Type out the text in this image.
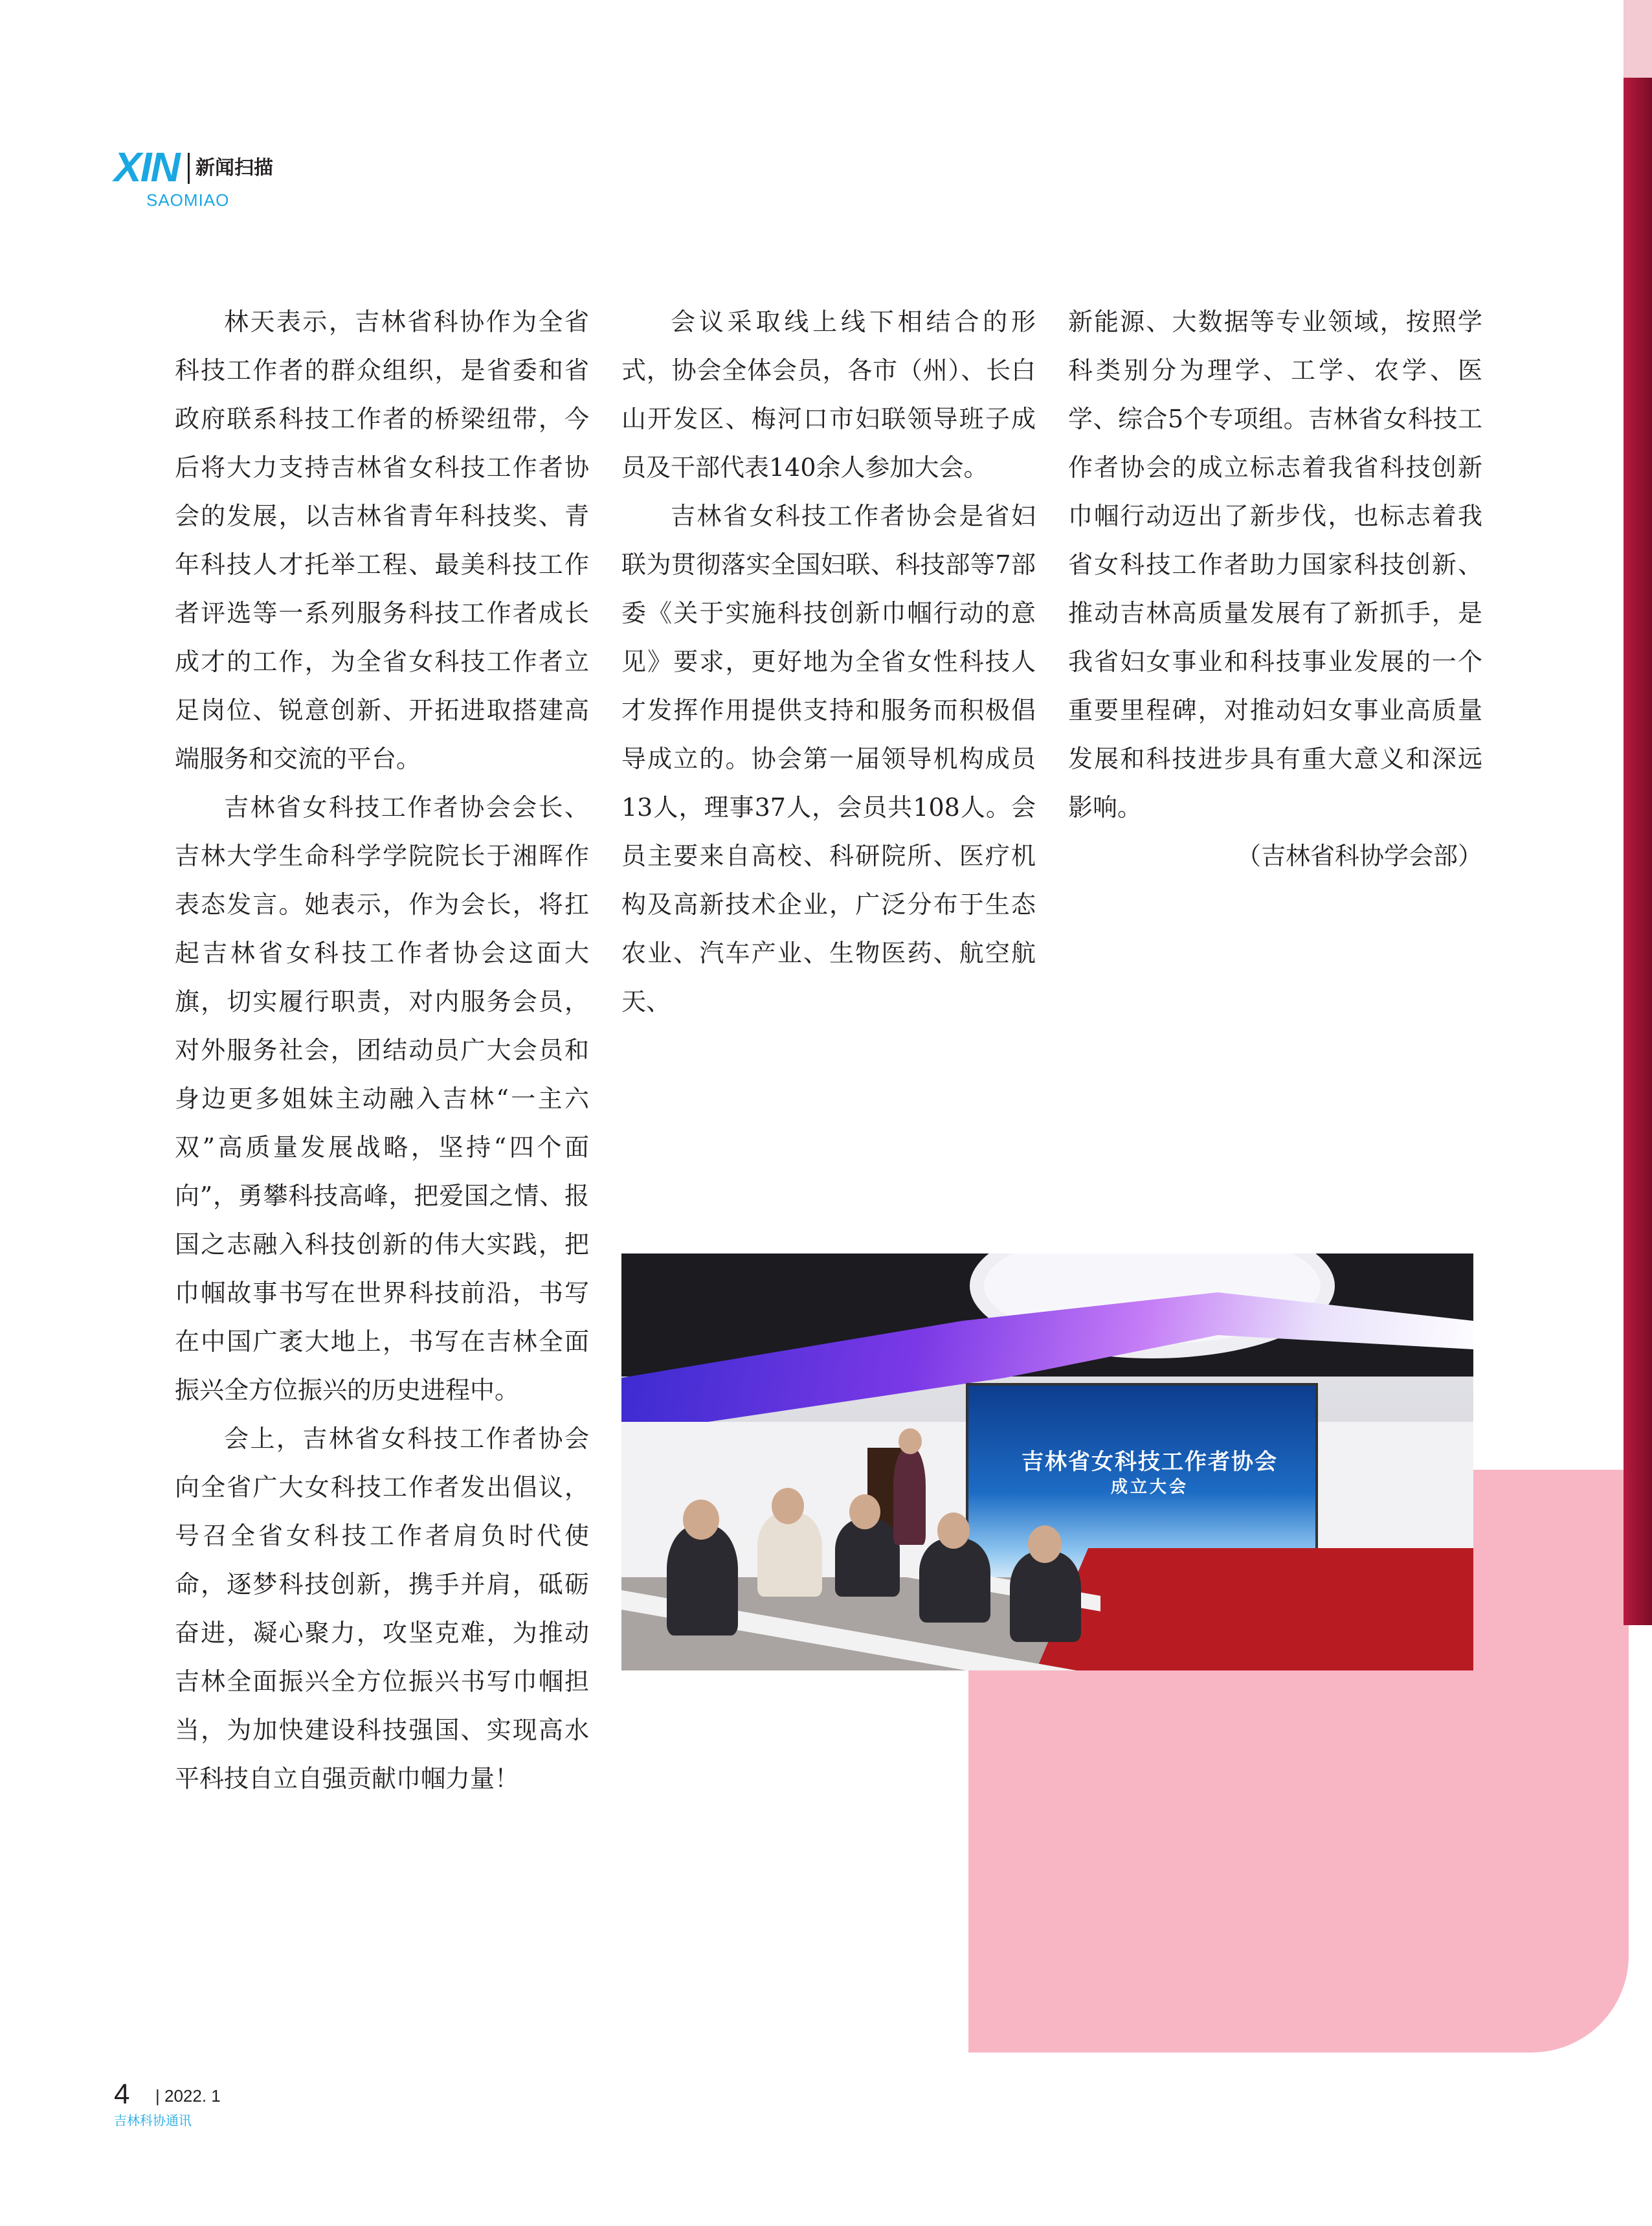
XIN 新闻扫描
SAOMIAO

林天表示，吉林省科协作为全省科技工作者的群众组织，是省委和省政府联系科技工作者的桥梁纽带，今后将大力支持吉林省女科技工作者协会的发展，以吉林省青年科技奖、青年科技人才托举工程、最美科技工作者评选等一系列服务科技工作者成长成才的工作，为全省女科技工作者立足岗位、锐意创新、开拓进取搭建高端服务和交流的平台。

吉林省女科技工作者协会会长、吉林大学生命科学学院院长于湘晖作表态发言。她表示，作为会长，将扛起吉林省女科技工作者协会这面大旗，切实履行职责，对内服务会员，对外服务社会，团结动员广大会员和身边更多姐妹主动融入吉林“一主六双”高质量发展战略，坚持“四个面向”，勇攀科技高峰，把爱国之情、报国之志融入科技创新的伟大实践，把巾帼故事书写在世界科技前沿，书写在中国广袤大地上，书写在吉林全面振兴全方位振兴的历史进程中。

会上，吉林省女科技工作者协会向全省广大女科技工作者发出倡议，号召全省女科技工作者肩负时代使命，逐梦科技创新，携手并肩，砥砺奋进，凝心聚力，攻坚克难，为推动吉林全面振兴全方位振兴书写巾帼担当，为加快建设科技强国、实现高水平科技自立自强贡献巾帼力量！

会议采取线上线下相结合的形式，协会全体会员，各市（州）、长白山开发区、梅河口市妇联领导班子成员及干部代表140余人参加大会。

吉林省女科技工作者协会是省妇联为贯彻落实全国妇联、科技部等7部委《关于实施科技创新巾帼行动的意见》要求，更好地为全省女性科技人才发挥作用提供支持和服务而积极倡导成立的。协会第一届领导机构成员13人，理事37人，会员共108人。会员主要来自高校、科研院所、医疗机构及高新技术企业，广泛分布于生态农业、汽车产业、生物医药、航空航天、

新能源、大数据等专业领域，按照学科类别分为理学、工学、农学、医学、综合5个专项组。吉林省女科技工作者协会的成立标志着我省科技创新巾帼行动迈出了新步伐，也标志着我省女科技工作者助力国家科技创新、推动吉林高质量发展有了新抓手，是我省妇女事业和科技事业发展的一个重要里程碑，对推动妇女事业高质量发展和科技进步具有重大意义和深远影响。

（吉林省科协学会部）

吉林省女科技工作者协会
成立大会
4 | 2022. 1
吉林科协通讯
